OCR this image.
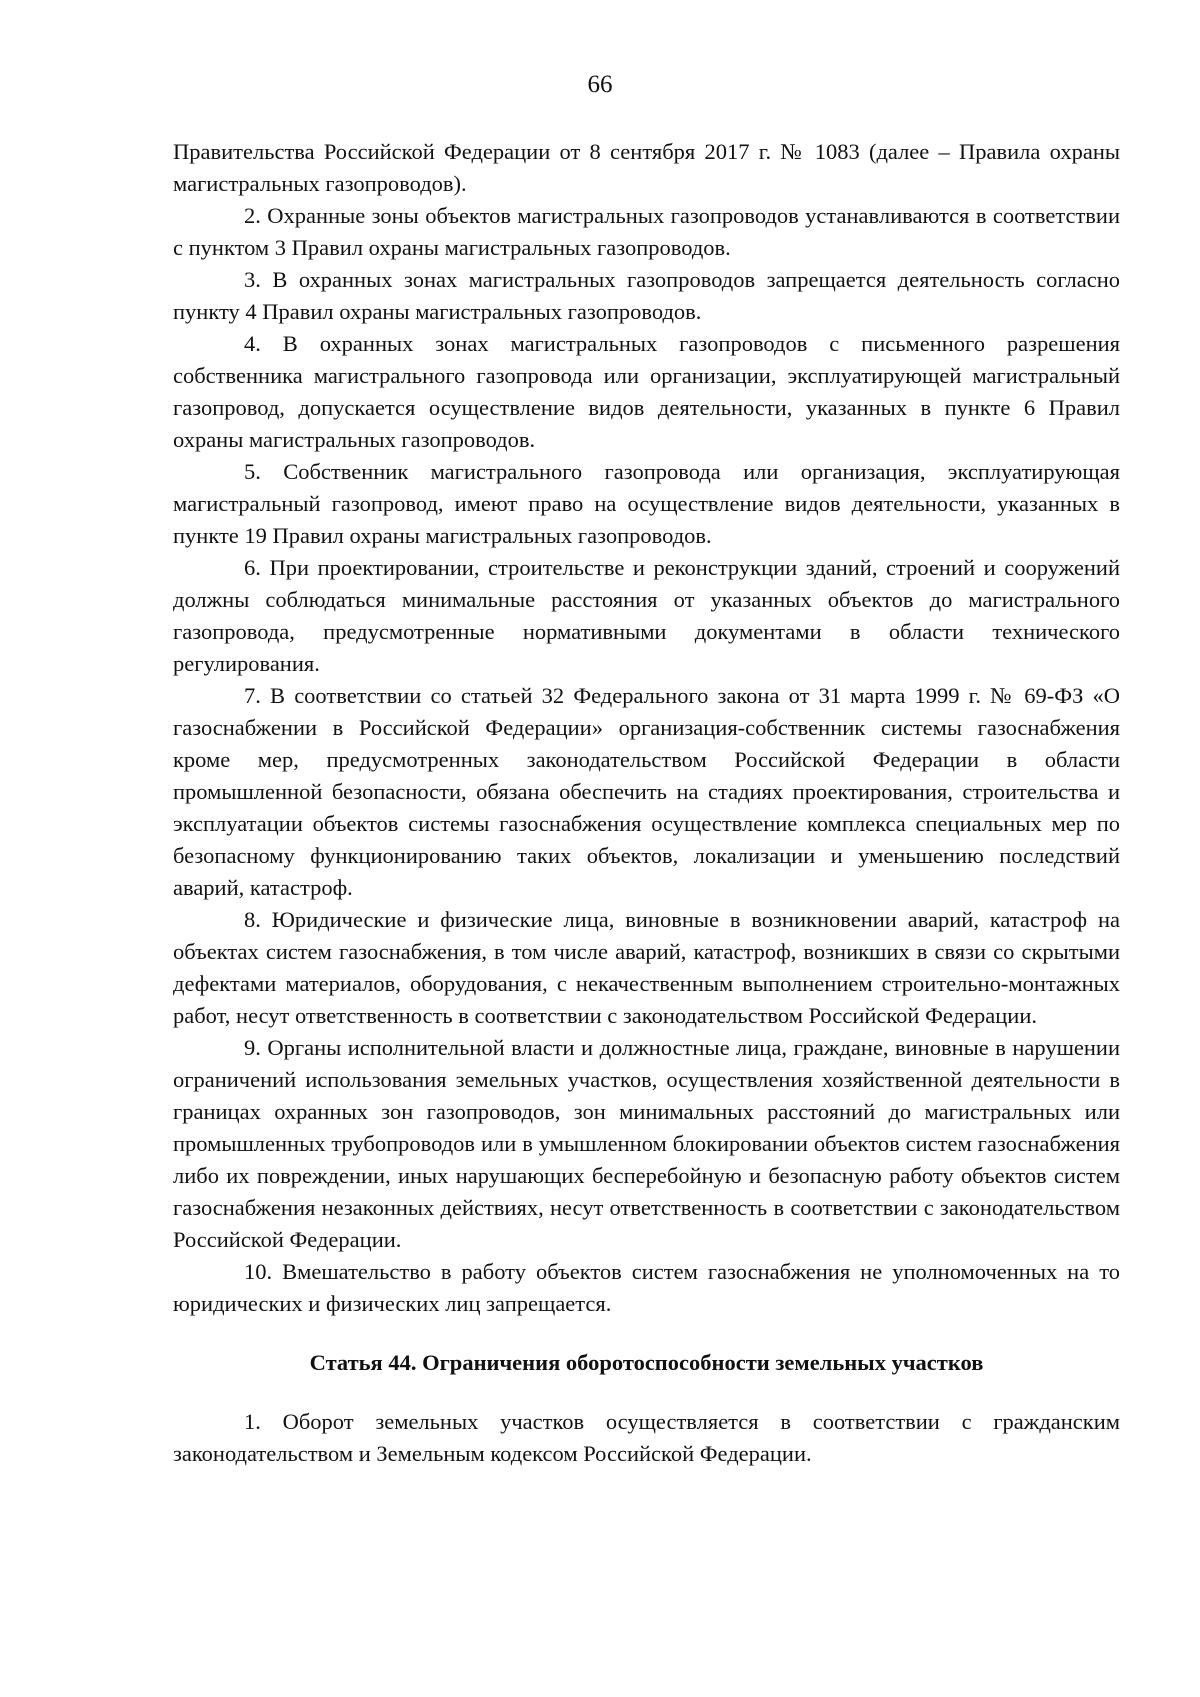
66

Правительства Российской Федерации от 8 сентября 2017 г. № 1083 (далее – Правила охраны магистральных газопроводов).

2. Охранные зоны объектов магистральных газопроводов устанавливаются в соответствии с пунктом 3 Правил охраны магистральных газопроводов.

3. В охранных зонах магистральных газопроводов запрещается деятельность согласно пункту 4 Правил охраны магистральных газопроводов.

4. В охранных зонах магистральных газопроводов с письменного разрешения собственника магистрального газопровода или организации, эксплуатирующей магистральный газопровод, допускается осуществление видов деятельности, указанных в пункте 6 Правил охраны магистральных газопроводов.

5. Собственник магистрального газопровода или организация, эксплуатирующая магистральный газопровод, имеют право на осуществление видов деятельности, указанных в пункте 19 Правил охраны магистральных газопроводов.

6. При проектировании, строительстве и реконструкции зданий, строений и сооружений должны соблюдаться минимальные расстояния от указанных объектов до магистрального газопровода, предусмотренные нормативными документами в области технического регулирования.

7. В соответствии со статьей 32 Федерального закона от 31 марта 1999 г. № 69-ФЗ «О газоснабжении в Российской Федерации» организация-собственник системы газоснабжения кроме мер, предусмотренных законодательством Российской Федерации в области промышленной безопасности, обязана обеспечить на стадиях проектирования, строительства и эксплуатации объектов системы газоснабжения осуществление комплекса специальных мер по безопасному функционированию таких объектов, локализации и уменьшению последствий аварий, катастроф.

8. Юридические и физические лица, виновные в возникновении аварий, катастроф на объектах систем газоснабжения, в том числе аварий, катастроф, возникших в связи со скрытыми дефектами материалов, оборудования, с некачественным выполнением строительно-монтажных работ, несут ответственность в соответствии с законодательством Российской Федерации.

9. Органы исполнительной власти и должностные лица, граждане, виновные в нарушении ограничений использования земельных участков, осуществления хозяйственной деятельности в границах охранных зон газопроводов, зон минимальных расстояний до магистральных или промышленных трубопроводов или в умышленном блокировании объектов систем газоснабжения либо их повреждении, иных нарушающих бесперебойную и безопасную работу объектов систем газоснабжения незаконных действиях, несут ответственность в соответствии с законодательством Российской Федерации.

10. Вмешательство в работу объектов систем газоснабжения не уполномоченных на то юридических и физических лиц запрещается.

Статья 44. Ограничения оборотоспособности земельных участков

1. Оборот земельных участков осуществляется в соответствии с гражданским законодательством и Земельным кодексом Российской Федерации.
